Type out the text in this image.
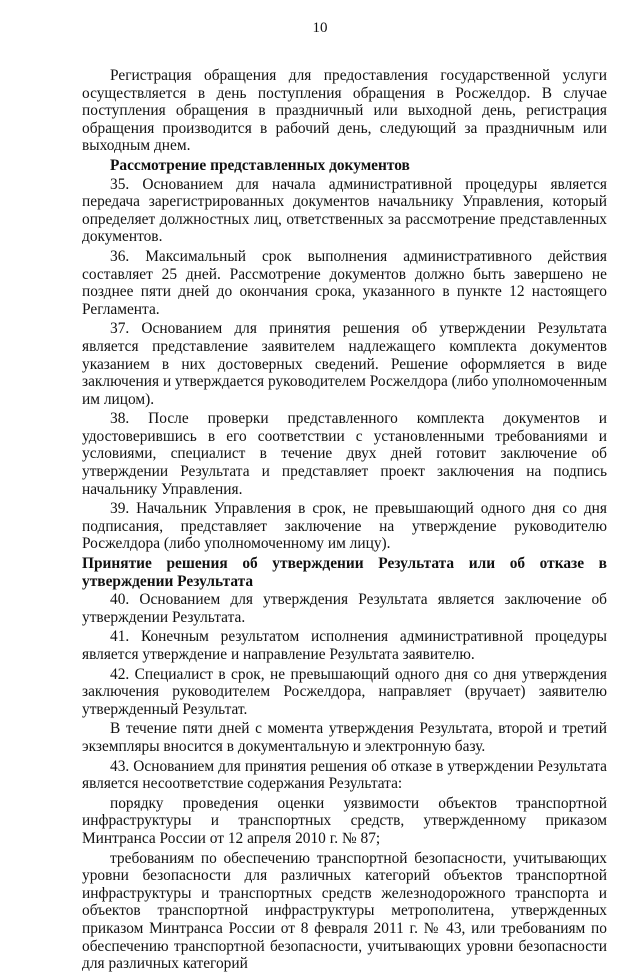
10

Регистрация обращения для предоставления государственной услуги осуществляется в день поступления обращения в Росжелдор. В случае поступления обращения в праздничный или выходной день, регистрация обращения производится в рабочий день, следующий за праздничным или выходным днем.

Рассмотрение представленных документов

35. Основанием для начала административной процедуры является передача зарегистрированных документов начальнику Управления, который определяет должностных лиц, ответственных за рассмотрение представленных документов.

36. Максимальный срок выполнения административного действия составляет 25 дней. Рассмотрение документов должно быть завершено не позднее пяти дней до окончания срока, указанного в пункте 12 настоящего Регламента.

37. Основанием для принятия решения об утверждении Результата является представление заявителем надлежащего комплекта документов указанием в них достоверных сведений. Решение оформляется в виде заключения и утверждается руководителем Росжелдора (либо уполномоченным им лицом).

38. После проверки представленного комплекта документов и удостоверившись в его соответствии с установленными требованиями и условиями, специалист в течение двух дней готовит заключение об утверждении Результата и представляет проект заключения на подпись начальнику Управления.

39. Начальник Управления в срок, не превышающий одного дня со дня подписания, представляет заключение на утверждение руководителю Росжелдора (либо уполномоченному им лицу).

Принятие решения об утверждении Результата или об отказе в утверждении Результата

40. Основанием для утверждения Результата является заключение об утверждении Результата.

41. Конечным результатом исполнения административной процедуры является утверждение и направление Результата заявителю.

42. Специалист в срок, не превышающий одного дня со дня утверждения заключения руководителем Росжелдора, направляет (вручает) заявителю утвержденный Результат.

В течение пяти дней с момента утверждения Результата, второй и третий экземпляры вносится в документальную и электронную базу.

43. Основанием для принятия решения об отказе в утверждении Результата является несоответствие содержания Результата:

порядку проведения оценки уязвимости объектов транспортной инфраструктуры и транспортных средств, утвержденному приказом Минтранса России от 12 апреля 2010 г. № 87;

требованиям по обеспечению транспортной безопасности, учитывающих уровни безопасности для различных категорий объектов транспортной инфраструктуры и транспортных средств железнодорожного транспорта и объектов транспортной инфраструктуры метрополитена, утвержденных приказом Минтранса России от 8 февраля 2011 г. № 43, или требованиям по обеспечению транспортной безопасности, учитывающих уровни безопасности для различных категорий
